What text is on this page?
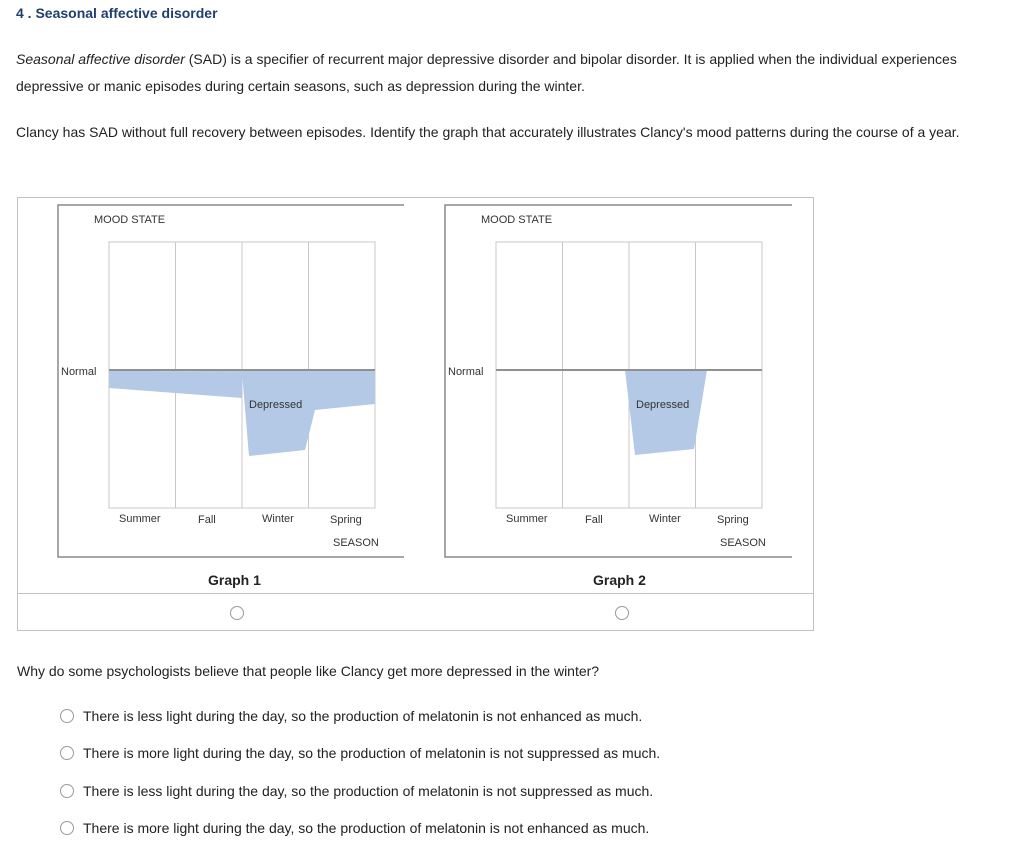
4 . Seasonal affective disorder

Seasonal affective disorder (SAD) is a specifier of recurrent major depressive disorder and bipolar disorder. It is applied when the individual experiences depressive or manic episodes during certain seasons, such as depression during the winter.

Clancy has SAD without full recovery between episodes. Identify the graph that accurately illustrates Clancy's mood patterns during the course of a year.

MOOD STATE
Normal
Depressed
Summer	Fall	Winter	Spring
SEASON
Graph 1
MOOD STATE
Normal
Depressed
Summer	Fall	Winter	Spring
SEASON
Graph 2

Why do some psychologists believe that people like Clancy get more depressed in the winter?

There is less light during the day, so the production of melatonin is not enhanced as much.
There is more light during the day, so the production of melatonin is not suppressed as much.
There is less light during the day, so the production of melatonin is not suppressed as much.
There is more light during the day, so the production of melatonin is not enhanced as much.
